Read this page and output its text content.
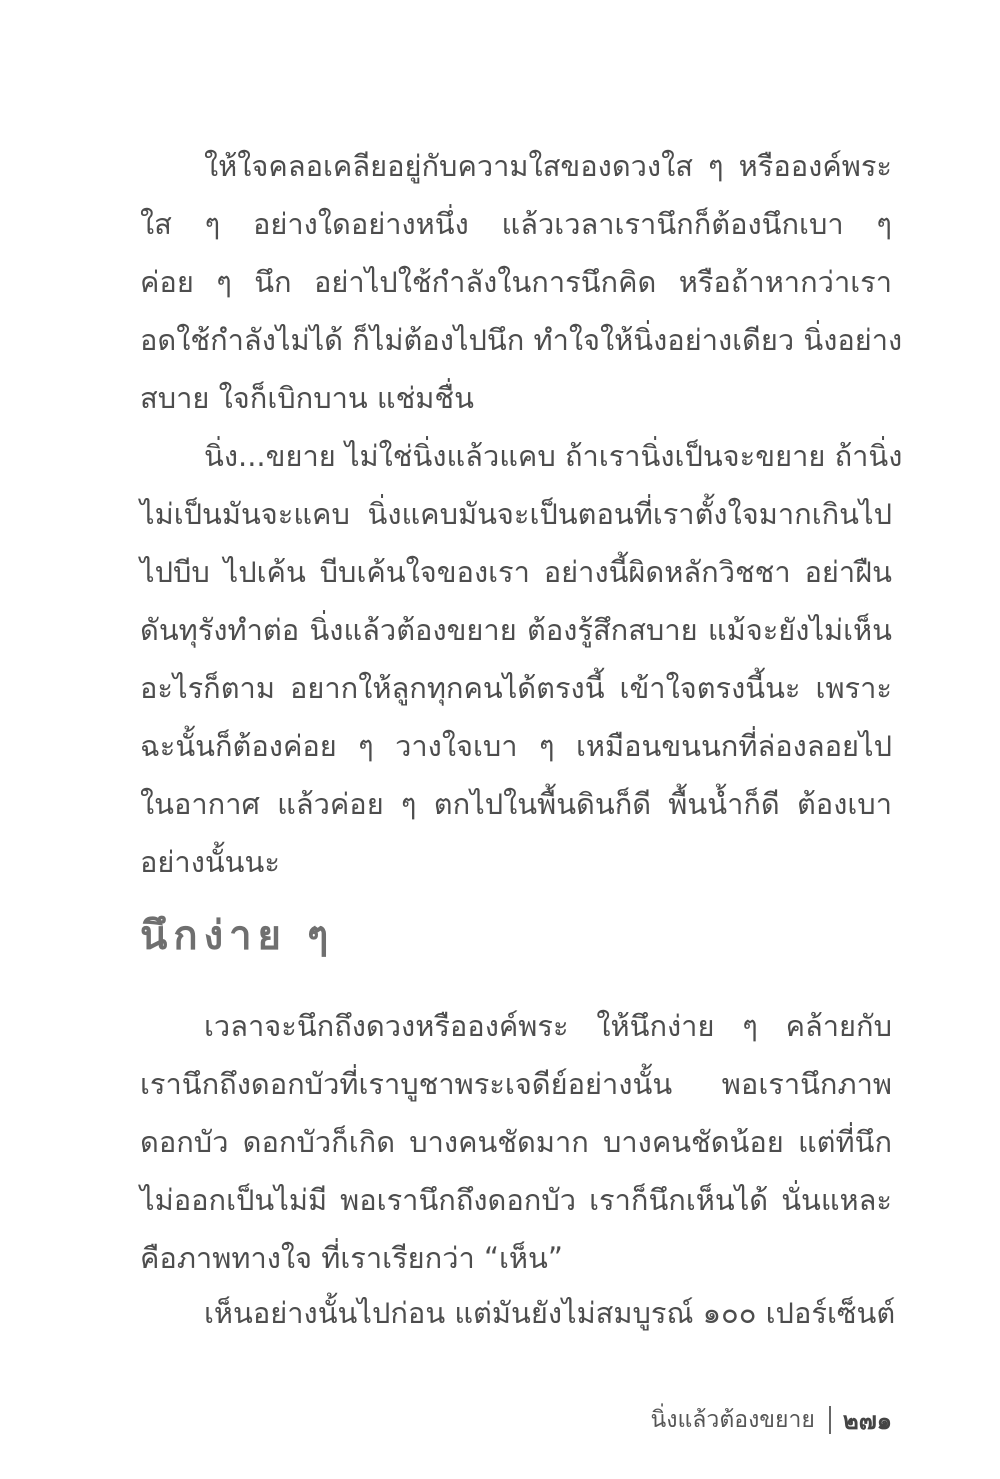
ให้ใจคลอเคลียอยู่กับความใสของดวงใส ๆ หรือองค์พระ
ใส ๆ อย่างใดอย่างหนึ่ง แล้วเวลาเรานึกก็ต้องนึกเบา ๆ
ค่อย ๆ นึก อย่าไปใช้กำลังในการนึกคิด หรือถ้าหากว่าเรา
อดใช้กำลังไม่ได้ ก็ไม่ต้องไปนึก ทำใจให้นิ่งอย่างเดียว นิ่งอย่าง
สบาย ใจก็เบิกบาน แช่มชื่น
นิ่ง...ขยาย ไม่ใช่นิ่งแล้วแคบ ถ้าเรานิ่งเป็นจะขยาย ถ้านิ่ง
ไม่เป็นมันจะแคบ นิ่งแคบมันจะเป็นตอนที่เราตั้งใจมากเกินไป
ไปบีบ ไปเค้น บีบเค้นใจของเรา อย่างนี้ผิดหลักวิชชา อย่าฝืน
ดันทุรังทำต่อ นิ่งแล้วต้องขยาย ต้องรู้สึกสบาย แม้จะยังไม่เห็น
อะไรก็ตาม อยากให้ลูกทุกคนได้ตรงนี้ เข้าใจตรงนี้นะ เพราะ
ฉะนั้นก็ต้องค่อย ๆ วางใจเบา ๆ เหมือนขนนกที่ล่องลอยไป
ในอากาศ แล้วค่อย ๆ ตกไปในพื้นดินก็ดี พื้นน้ำก็ดี ต้องเบา
อย่างนั้นนะ
นึกง่าย ๆ
เวลาจะนึกถึงดวงหรือองค์พระ ให้นึกง่าย ๆ คล้ายกับ
เรานึกถึงดอกบัวที่เราบูชาพระเจดีย์อย่างนั้น พอเรานึกภาพ
ดอกบัว ดอกบัวก็เกิด บางคนชัดมาก บางคนชัดน้อย แต่ที่นึก
ไม่ออกเป็นไม่มี พอเรานึกถึงดอกบัว เราก็นึกเห็นได้ นั่นแหละ
คือภาพทางใจ ที่เราเรียกว่า “เห็น”
เห็นอย่างนั้นไปก่อน แต่มันยังไม่สมบูรณ์ ๑๐๐ เปอร์เซ็นต์
นิ่งแล้วต้องขยาย ๒๗๑
